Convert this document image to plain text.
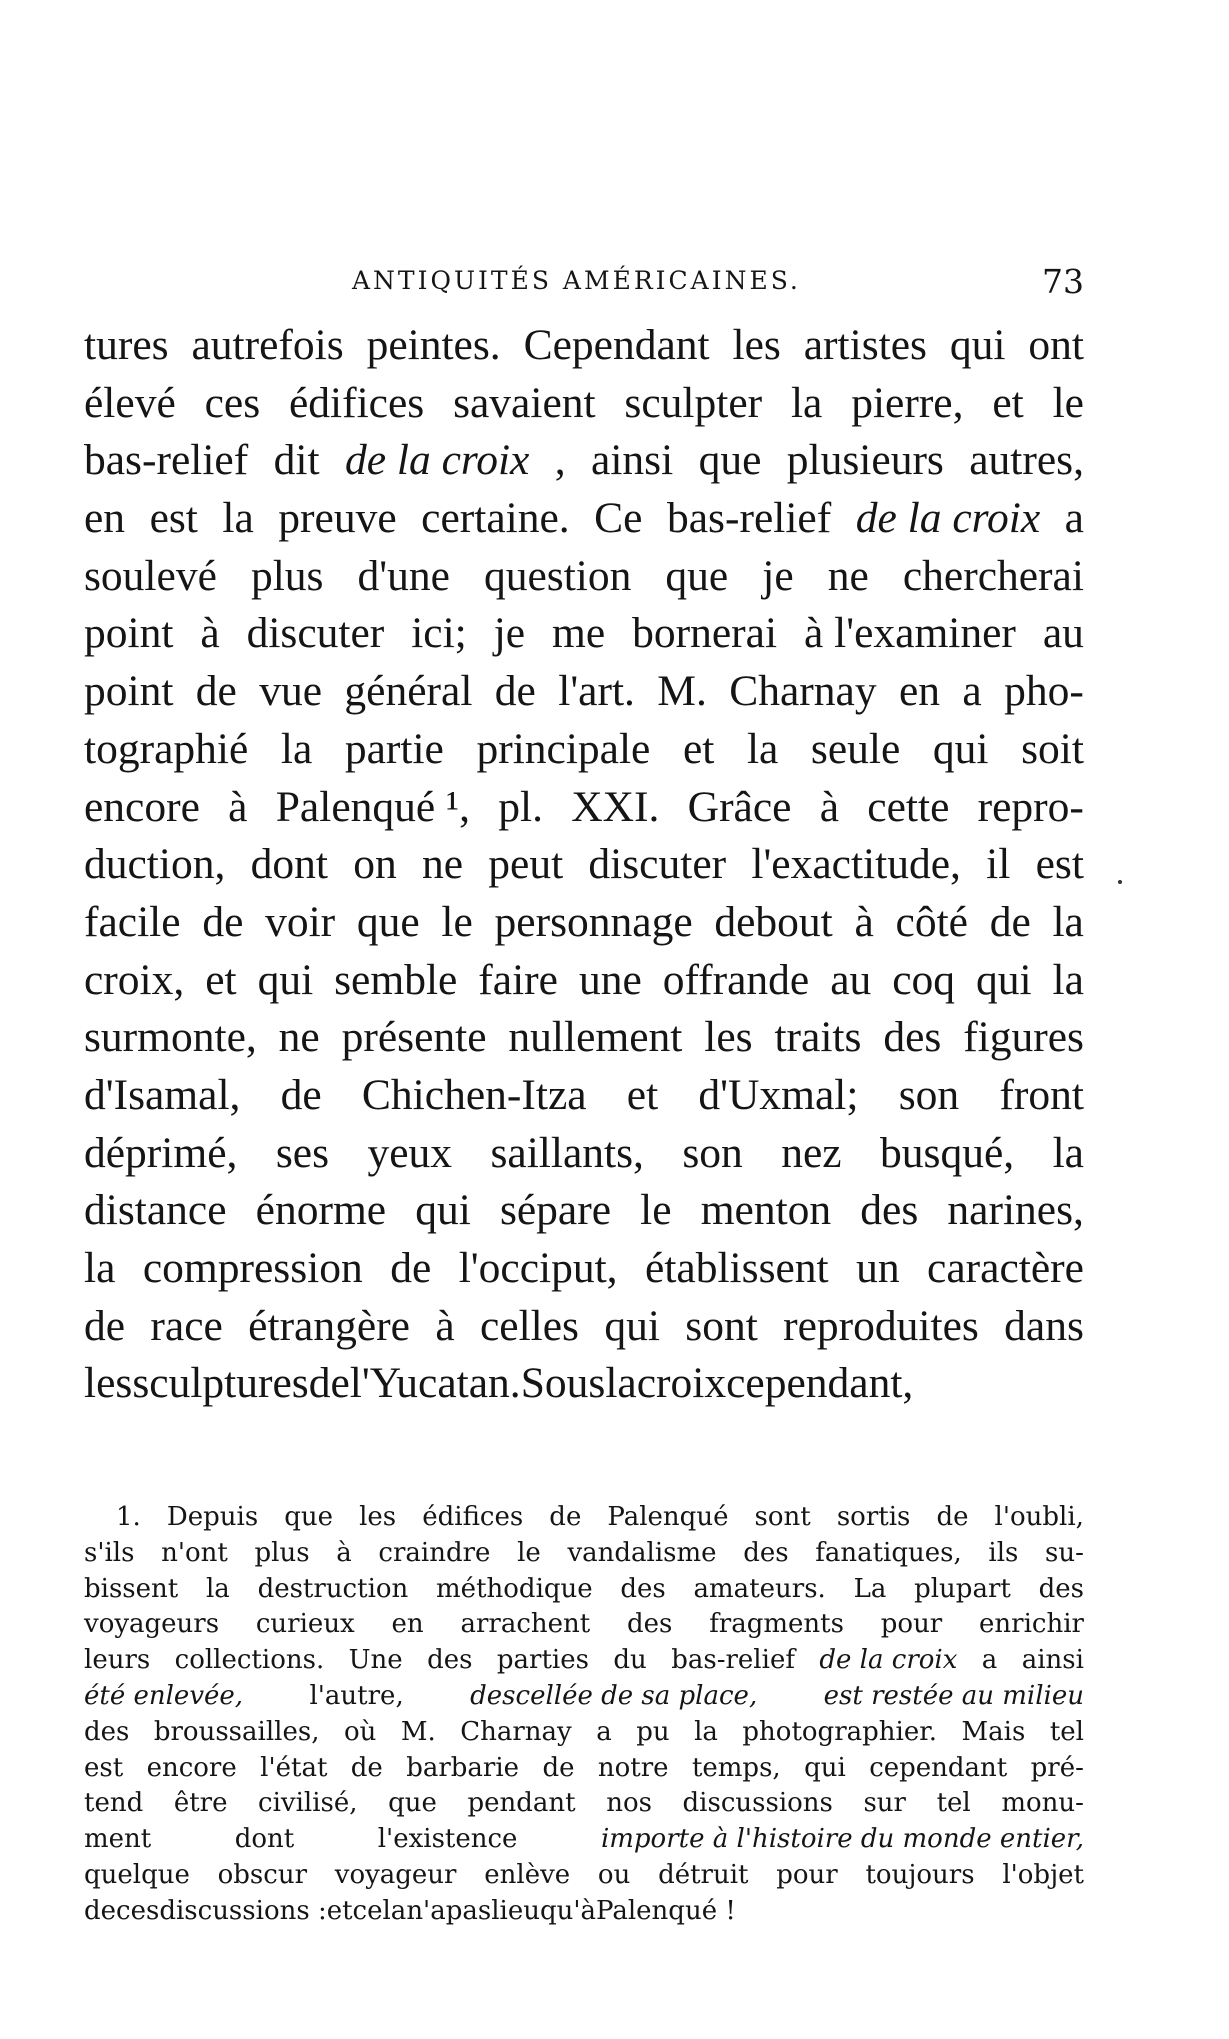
ANTIQUITÉS AMÉRICAINES.	73
tures autrefois peintes. Cependant les artistes qui ont
élevé ces édifices savaient sculpter la pierre, et le
bas-relief dit de la croix , ainsi que plusieurs autres,
en est la preuve certaine. Ce bas-relief de la croix a
soulevé plus d'une question que je ne chercherai
point à discuter ici; je me bornerai à l'examiner au
point de vue général de l'art. M. Charnay en a pho-
tographié la partie principale et la seule qui soit
encore à Palenqué ¹, pl. XXI. Grâce à cette repro-
duction, dont on ne peut discuter l'exactitude, il est
facile de voir que le personnage debout à côté de la
croix, et qui semble faire une offrande au coq qui la
surmonte, ne présente nullement les traits des figures
d'Isamal, de Chichen-Itza et d'Uxmal; son front
déprimé, ses yeux saillants, son nez busqué, la
distance énorme qui sépare le menton des narines,
la compression de l'occiput, établissent un caractère
de race étrangère à celles qui sont reproduites dans
les sculptures de l'Yucatan. Sous la croix cependant,
1. Depuis que les édifices de Palenqué sont sortis de l'oubli,
s'ils n'ont plus à craindre le vandalisme des fanatiques, ils su-
bissent la destruction méthodique des amateurs. La plupart des
voyageurs curieux en arrachent des fragments pour enrichir
leurs collections. Une des parties du bas-relief de la croix a ainsi
été enlevée,	l'autre,	descellée de sa place,	est restée au milieu
des broussailles, où M. Charnay a pu la photographier. Mais tel
est encore l'état de barbarie de notre temps, qui cependant pré-
tend être civilisé, que pendant nos discussions sur tel monu-
ment	dont	l'existence	importe à l'histoire du monde entier,
quelque obscur voyageur enlève ou détruit pour toujours l'objet
de ces discussions : et cela n'a pas lieu qu'à Palenqué !
